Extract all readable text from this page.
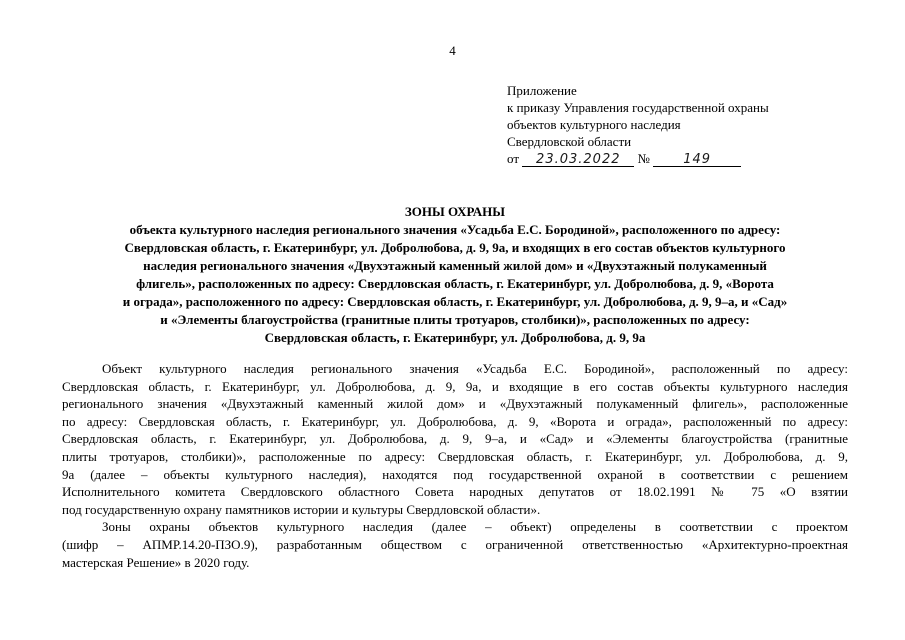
4
Приложение
к приказу Управления государственной охраны
объектов культурного наследия
Свердловской области
от 23.03.2022 №	149
ЗОНЫ ОХРАНЫ
объекта культурного наследия регионального значения «Усадьба Е.С. Бородиной», расположенного по адресу:
Свердловская область, г. Екатеринбург, ул. Добролюбова, д. 9, 9а, и входящих в его состав объектов культурного
наследия регионального значения «Двухэтажный каменный жилой дом» и «Двухэтажный полукаменный
флигель», расположенных по адресу: Свердловская область, г. Екатеринбург, ул. Добролюбова, д. 9, «Ворота
и ограда», расположенного по адресу: Свердловская область, г. Екатеринбург, ул. Добролюбова, д. 9, 9–а, и «Сад»
и «Элементы благоустройства (гранитные плиты тротуаров, столбики)», расположенных по адресу:
Свердловская область, г. Екатеринбург, ул. Добролюбова, д. 9, 9а
Объект культурного наследия регионального значения «Усадьба Е.С. Бородиной», расположенный по адресу:
Свердловская область, г. Екатеринбург, ул. Добролюбова, д. 9, 9а, и входящие в его состав объекты культурного наследия
регионального значения «Двухэтажный каменный жилой дом» и «Двухэтажный полукаменный флигель», расположенные
по адресу: Свердловская область, г. Екатеринбург, ул. Добролюбова, д. 9, «Ворота и ограда», расположенный по адресу:
Свердловская область, г. Екатеринбург, ул. Добролюбова, д. 9, 9–а, и «Сад» и «Элементы благоустройства (гранитные
плиты тротуаров, столбики)», расположенные по адресу: Свердловская область, г. Екатеринбург, ул. Добролюбова, д. 9,
9а (далее – объекты культурного наследия), находятся под государственной охраной в соответствии с решением
Исполнительного комитета Свердловского областного Совета народных депутатов от 18.02.1991 № 75 «О взятии
под государственную охрану памятников истории и культуры Свердловской области».
Зоны охраны объектов культурного наследия (далее – объект) определены в соответствии с проектом
(шифр – АПМР.14.20-ПЗО.9), разработанным обществом с ограниченной ответственностью «Архитектурно-проектная
мастерская Решение» в 2020 году.
